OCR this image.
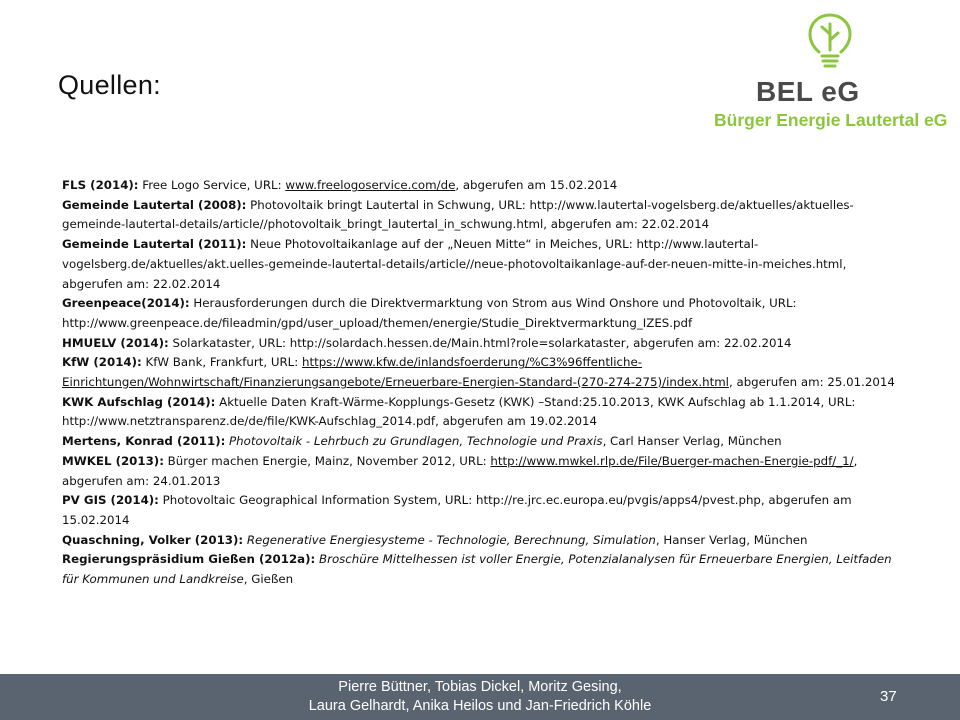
Quellen:	BEL eG
Bürger Energie Lautertal eG

FLS (2014): Free Logo Service, URL: www.freelogoservice.com/de, abgerufen am 15.02.2014

Gemeinde Lautertal (2008): Photovoltaik bringt Lautertal in Schwung, URL: http://www.lautertal-vogelsberg.de/aktuelles/aktuelles-gemeinde-lautertal-details/article//photovoltaik_bringt_lautertal_in_schwung.html, abgerufen am: 22.02.2014

Gemeinde Lautertal (2011): Neue Photovoltaikanlage auf der „Neuen Mitte“ in Meiches, URL: http://www.lautertal-vogelsberg.de/aktuelles/akt.uelles-gemeinde-lautertal-details/article//neue-photovoltaikanlage-auf-der-neuen-mitte-in-meiches.html, abgerufen am: 22.02.2014

Greenpeace(2014): Herausforderungen durch die Direktvermarktung von Strom aus Wind Onshore und Photovoltaik, URL: http://www.greenpeace.de/fileadmin/gpd/user_upload/themen/energie/Studie_Direktvermarktung_IZES.pdf

HMUELV (2014): Solarkataster, URL: http://solardach.hessen.de/Main.html?role=solarkataster, abgerufen am: 22.02.2014

KfW (2014): KfW Bank, Frankfurt, URL: https://www.kfw.de/inlandsfoerderung/%C3%96ffentliche-Einrichtungen/Wohnwirtschaft/Finanzierungsangebote/Erneuerbare-Energien-Standard-(270-274-275)/index.html, abgerufen am: 25.01.2014

KWK Aufschlag (2014): Aktuelle Daten Kraft-Wärme-Kopplungs-Gesetz (KWK) –Stand:25.10.2013, KWK Aufschlag ab 1.1.2014, URL: http://www.netztransparenz.de/de/file/KWK-Aufschlag_2014.pdf, abgerufen am 19.02.2014

Mertens, Konrad (2011): Photovoltaik - Lehrbuch zu Grundlagen, Technologie und Praxis, Carl Hanser Verlag, München

MWKEL (2013): Bürger machen Energie, Mainz, November 2012, URL: http://www.mwkel.rlp.de/File/Buerger-machen-Energie-pdf/_1/, abgerufen am: 24.01.2013

PV GIS (2014): Photovoltaic Geographical Information System, URL: http://re.jrc.ec.europa.eu/pvgis/apps4/pvest.php, abgerufen am 15.02.2014

Quaschning, Volker (2013): Regenerative Energiesysteme - Technologie, Berechnung, Simulation, Hanser Verlag, München

Regierungspräsidium Gießen (2012a): Broschüre Mittelhessen ist voller Energie, Potenzialanalysen für Erneuerbare Energien, Leitfaden für Kommunen und Landkreise, Gießen

Pierre Büttner, Tobias Dickel, Moritz Gesing,
Laura Gelhardt, Anika Heilos und Jan-Friedrich Köhle
37
